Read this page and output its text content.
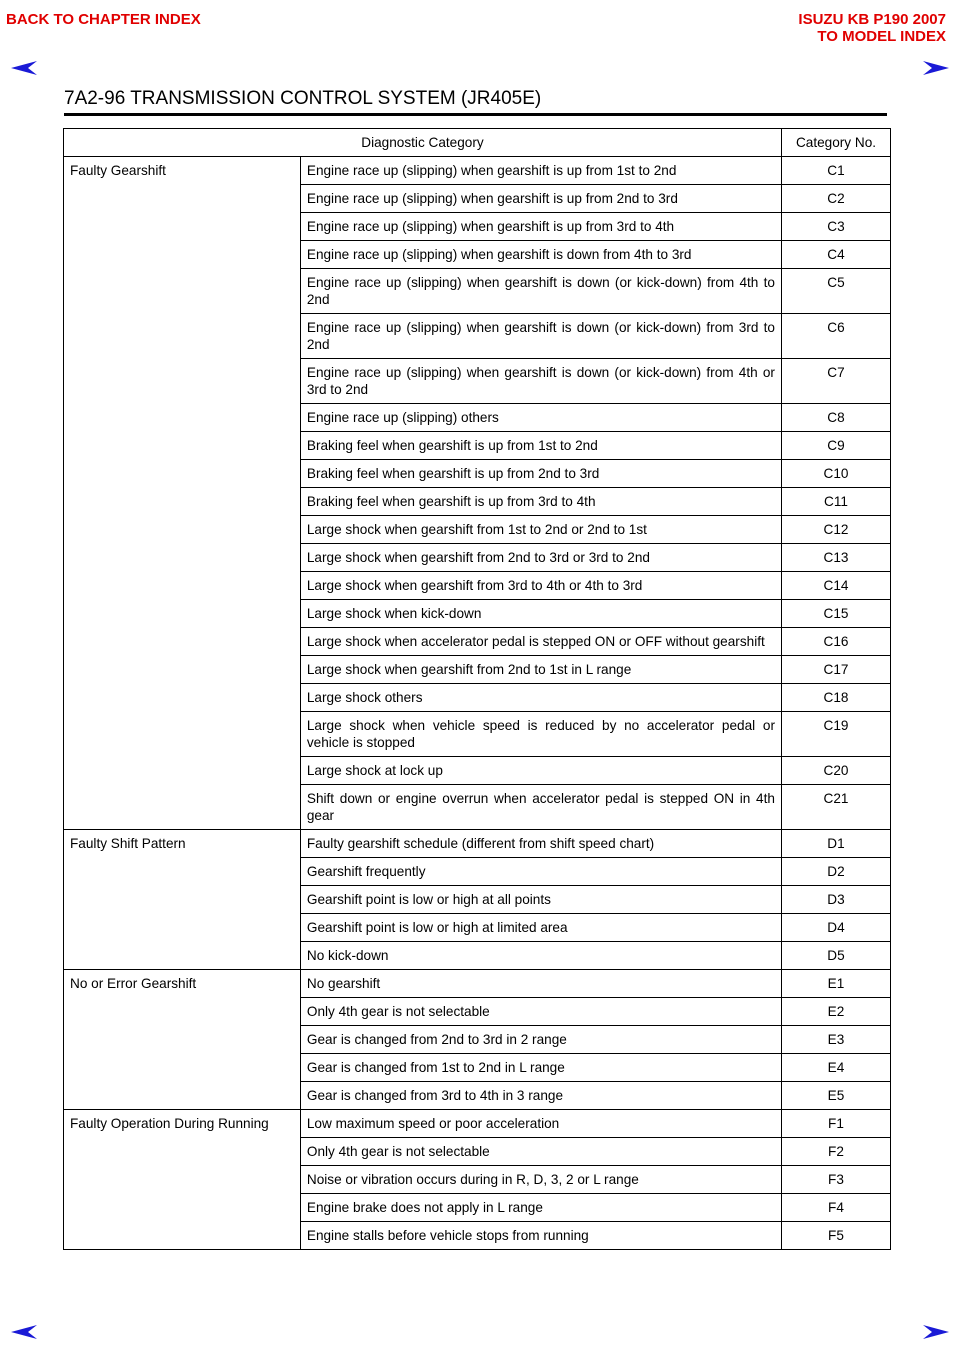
BACK TO CHAPTER INDEX	ISUZU KB P190 2007
TO MODEL INDEX
7A2-96 TRANSMISSION CONTROL SYSTEM (JR405E)
Diagnostic Category		Category No.
Faulty Gearshift	Engine race up (slipping) when gearshift is up from 1st to 2nd	C1
	Engine race up (slipping) when gearshift is up from 2nd to 3rd	C2
	Engine race up (slipping) when gearshift is up from 3rd to 4th	C3
	Engine race up (slipping) when gearshift is down from 4th to 3rd	C4
	Engine race up (slipping) when gearshift is down (or kick-down) from 4th to 2nd	C5
	Engine race up (slipping) when gearshift is down (or kick-down) from 3rd to 2nd	C6
	Engine race up (slipping) when gearshift is down (or kick-down) from 4th or 3rd to 2nd	C7
	Engine race up (slipping) others	C8
	Braking feel when gearshift is up from 1st to 2nd	C9
	Braking feel when gearshift is up from 2nd to 3rd	C10
	Braking feel when gearshift is up from 3rd to 4th	C11
	Large shock when gearshift from 1st to 2nd or 2nd to 1st	C12
	Large shock when gearshift from 2nd to 3rd or 3rd to 2nd	C13
	Large shock when gearshift from 3rd to 4th or 4th to 3rd	C14
	Large shock when kick-down	C15
	Large shock when accelerator pedal is stepped ON or OFF without gearshift	C16
	Large shock when gearshift from 2nd to 1st in L range	C17
	Large shock others	C18
	Large shock when vehicle speed is reduced by no accelerator pedal or vehicle is stopped	C19
	Large shock at lock up	C20
	Shift down or engine overrun when accelerator pedal is stepped ON in 4th gear	C21
Faulty Shift Pattern	Faulty gearshift schedule (different from shift speed chart)	D1
	Gearshift frequently	D2
	Gearshift point is low or high at all points	D3
	Gearshift point is low or high at limited area	D4
	No kick-down	D5
No or Error Gearshift	No gearshift	E1
	Only 4th gear is not selectable	E2
	Gear is changed from 2nd to 3rd in 2 range	E3
	Gear is changed from 1st to 2nd in L range	E4
	Gear is changed from 3rd to 4th in 3 range	E5
Faulty Operation During Running	Low maximum speed or poor acceleration	F1
	Only 4th gear is not selectable	F2
	Noise or vibration occurs during in R, D, 3, 2 or L range	F3
	Engine brake does not apply in L range	F4
	Engine stalls before vehicle stops from running	F5
